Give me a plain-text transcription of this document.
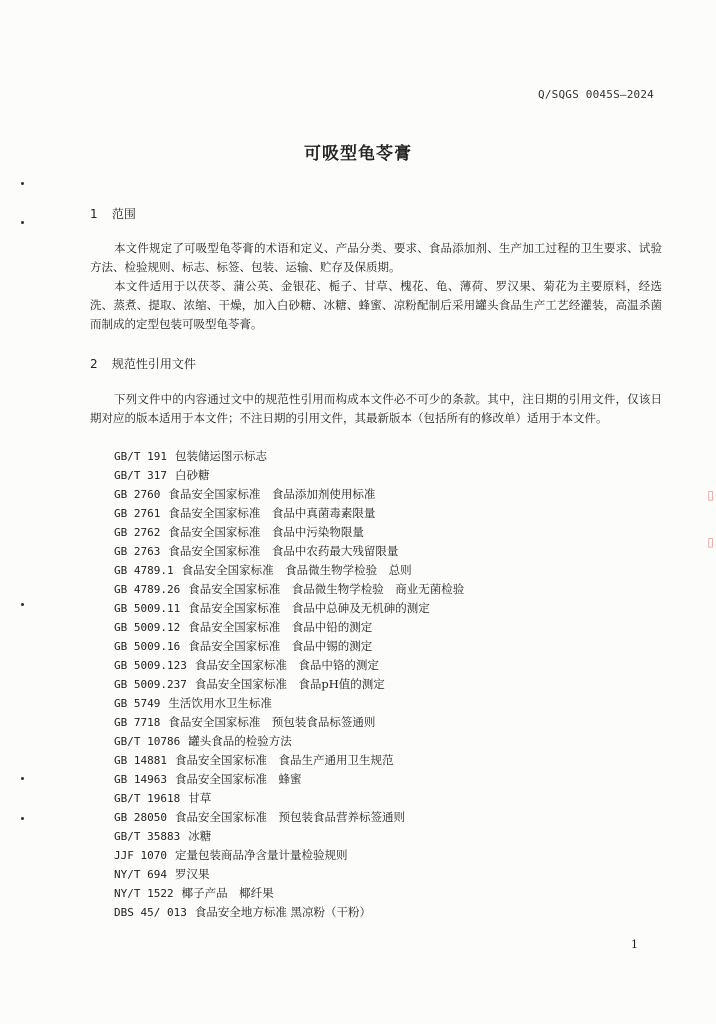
Q/SQGS 0045S—2024
可吸型龟苓膏
1 范围
本文件规定了可吸型龟苓膏的术语和定义、产品分类、要求、食品添加剂、生产加工过程的卫生要求、试验方法、检验规则、标志、标签、包装、运输、贮存及保质期。
本文件适用于以茯苓、蒲公英、金银花、栀子、甘草、槐花、龟、薄荷、罗汉果、菊花为主要原料，经选洗、蒸煮、提取、浓缩、干燥，加入白砂糖、冰糖、蜂蜜、凉粉配制后采用罐头食品生产工艺经灌装，高温杀菌而制成的定型包装可吸型龟苓膏。
2 规范性引用文件
下列文件中的内容通过文中的规范性引用而构成本文件必不可少的条款。其中，注日期的引用文件，仅该日期对应的版本适用于本文件；不注日期的引用文件，其最新版本（包括所有的修改单）适用于本文件。
GB/T 191 包装储运图示标志
GB/T 317 白砂糖
GB 2760 食品安全国家标准　食品添加剂使用标准
GB 2761 食品安全国家标准　食品中真菌毒素限量
GB 2762 食品安全国家标准　食品中污染物限量
GB 2763 食品安全国家标准　食品中农药最大残留限量
GB 4789.1 食品安全国家标准　食品微生物学检验　总则
GB 4789.26 食品安全国家标准　食品微生物学检验　商业无菌检验
GB 5009.11 食品安全国家标准　食品中总砷及无机砷的测定
GB 5009.12 食品安全国家标准　食品中铅的测定
GB 5009.16 食品安全国家标准　食品中锡的测定
GB 5009.123 食品安全国家标准　食品中铬的测定
GB 5009.237 食品安全国家标准　食品pH值的测定
GB 5749 生活饮用水卫生标准
GB 7718 食品安全国家标准　预包装食品标签通则
GB/T 10786 罐头食品的检验方法
GB 14881 食品安全国家标准　食品生产通用卫生规范
GB 14963 食品安全国家标准　蜂蜜
GB/T 19618 甘草
GB 28050 食品安全国家标准　预包装食品营养标签通则
GB/T 35883 冰糖
JJF 1070 定量包装商品净含量计量检验规则
NY/T 694 罗汉果
NY/T 1522 椰子产品　椰纤果
DBS 45/ 013 食品安全地方标准 黑凉粉（干粉）
1
▯
▯
